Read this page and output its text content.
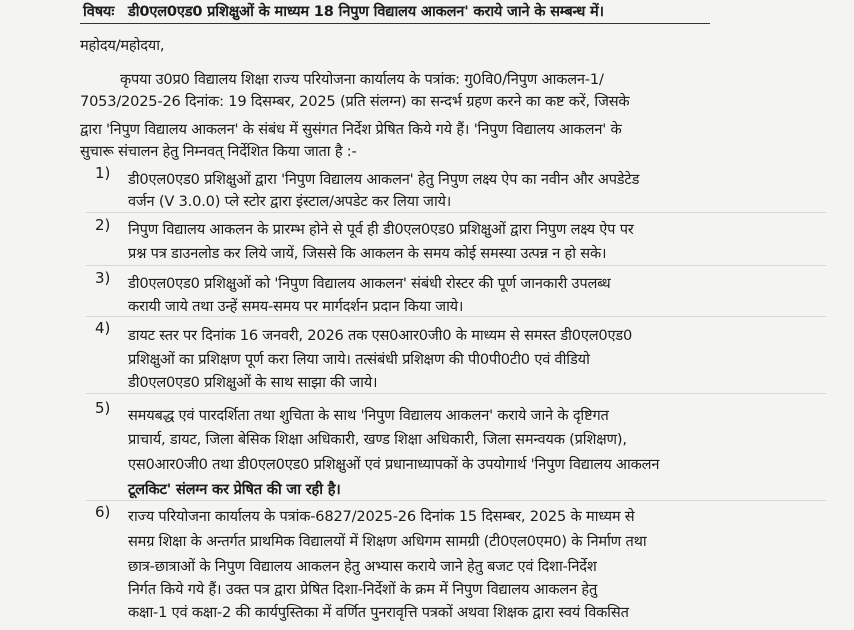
विषयः डी0एल0एड0 प्रशिक्षुओं के माध्यम 18 निपुण विद्यालय आकलन' कराये जाने के सम्बन्ध में।
महोदय/महोदया,
कृपया उ0प्र0 विद्यालय शिक्षा राज्य परियोजना कार्यालय के पत्रांक: गु0वि0/निपुण आकलन-1/
7053/2025-26 दिनांक: 19 दिसम्बर, 2025 (प्रति संलग्न) का सन्दर्भ ग्रहण करने का कष्ट करें, जिसके
द्वारा 'निपुण विद्यालय आकलन' के संबंध में सुसंगत निर्देश प्रेषित किये गये हैं। 'निपुण विद्यालय आकलन' के
सुचारू संचालन हेतु निम्नवत् निर्देशित किया जाता है :-
1) डी0एल0एड0 प्रशिक्षुओं द्वारा 'निपुण विद्यालय आकलन' हेतु निपुण लक्ष्य ऐप का नवीन और अपडेटेड
वर्जन (V 3.0.0) प्ले स्टोर द्वारा इंस्टाल/अपडेट कर लिया जाये।
2) निपुण विद्यालय आकलन के प्रारम्भ होने से पूर्व ही डी0एल0एड0 प्रशिक्षुओं द्वारा निपुण लक्ष्य ऐप पर
प्रश्न पत्र डाउनलोड कर लिये जायें, जिससे कि आकलन के समय कोई समस्या उत्पन्न न हो सके।
3) डी0एल0एड0 प्रशिक्षुओं को 'निपुण विद्यालय आकलन' संबंधी रोस्टर की पूर्ण जानकारी उपलब्ध
करायी जाये तथा उन्हें समय-समय पर मार्गदर्शन प्रदान किया जाये।
4) डायट स्तर पर दिनांक 16 जनवरी, 2026 तक एस0आर0जी0 के माध्यम से समस्त डी0एल0एड0
प्रशिक्षुओं का प्रशिक्षण पूर्ण करा लिया जाये। तत्संबंधी प्रशिक्षण की पी0पी0टी0 एवं वीडियो
डी0एल0एड0 प्रशिक्षुओं के साथ साझा की जाये।
5) समयबद्ध एवं पारदर्शिता तथा शुचिता के साथ 'निपुण विद्यालय आकलन' कराये जाने के दृष्टिगत
प्राचार्य, डायट, जिला बेसिक शिक्षा अधिकारी, खण्ड शिक्षा अधिकारी, जिला समन्वयक (प्रशिक्षण),
एस0आर0जी0 तथा डी0एल0एड0 प्रशिक्षुओं एवं प्रधानाध्यापकों के उपयोगार्थ 'निपुण विद्यालय आकलन
टूलकिट' संलग्न कर प्रेषित की जा रही है।
6) राज्य परियोजना कार्यालय के पत्रांक-6827/2025-26 दिनांक 15 दिसम्बर, 2025 के माध्यम से
समग्र शिक्षा के अन्तर्गत प्राथमिक विद्यालयों में शिक्षण अधिगम सामग्री (टी0एल0एम0) के निर्माण तथा
छात्र-छात्राओं के निपुण विद्यालय आकलन हेतु अभ्यास कराये जाने हेतु बजट एवं दिशा-निर्देश
निर्गत किये गये हैं। उक्त पत्र द्वारा प्रेषित दिशा-निर्देशों के क्रम में निपुण विद्यालय आकलन हेतु
कक्षा-1 एवं कक्षा-2 की कार्यपुस्तिका में वर्णित पुनरावृत्ति पत्रकों अथवा शिक्षक द्वारा स्वयं विकसित
